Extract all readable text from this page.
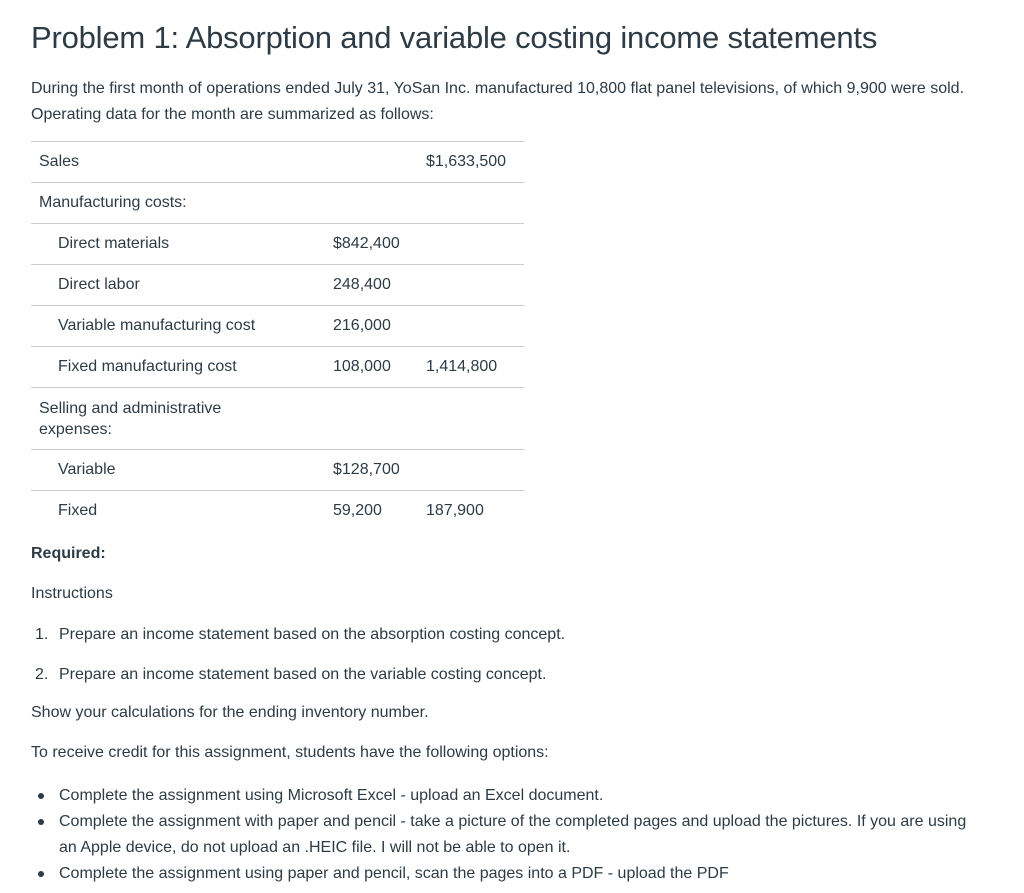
Problem 1: Absorption and variable costing income statements

During the first month of operations ended July 31, YoSan Inc. manufactured 10,800 flat panel televisions, of which 9,900 were sold. Operating data for the month are summarized as follows:

Sales		$1,633,500
Manufacturing costs:		
Direct materials	$842,400	
Direct labor	248,400	
Variable manufacturing cost	216,000	
Fixed manufacturing cost	108,000	1,414,800

Selling and administrative expenses:		

Variable	$128,700	
Fixed	59,200	187,900
Required:
Instructions
1. Prepare an income statement based on the absorption costing concept.
2. Prepare an income statement based on the variable costing concept.

Show your calculations for the ending inventory number.

To receive credit for this assignment, students have the following options:

Complete the assignment using Microsoft Excel - upload an Excel document.
Complete the assignment with paper and pencil - take a picture of the completed pages and upload the pictures. If you are using an Apple device, do not upload an .HEIC file. I will not be able to open it.
Complete the assignment using paper and pencil, scan the pages into a PDF - upload the PDF
